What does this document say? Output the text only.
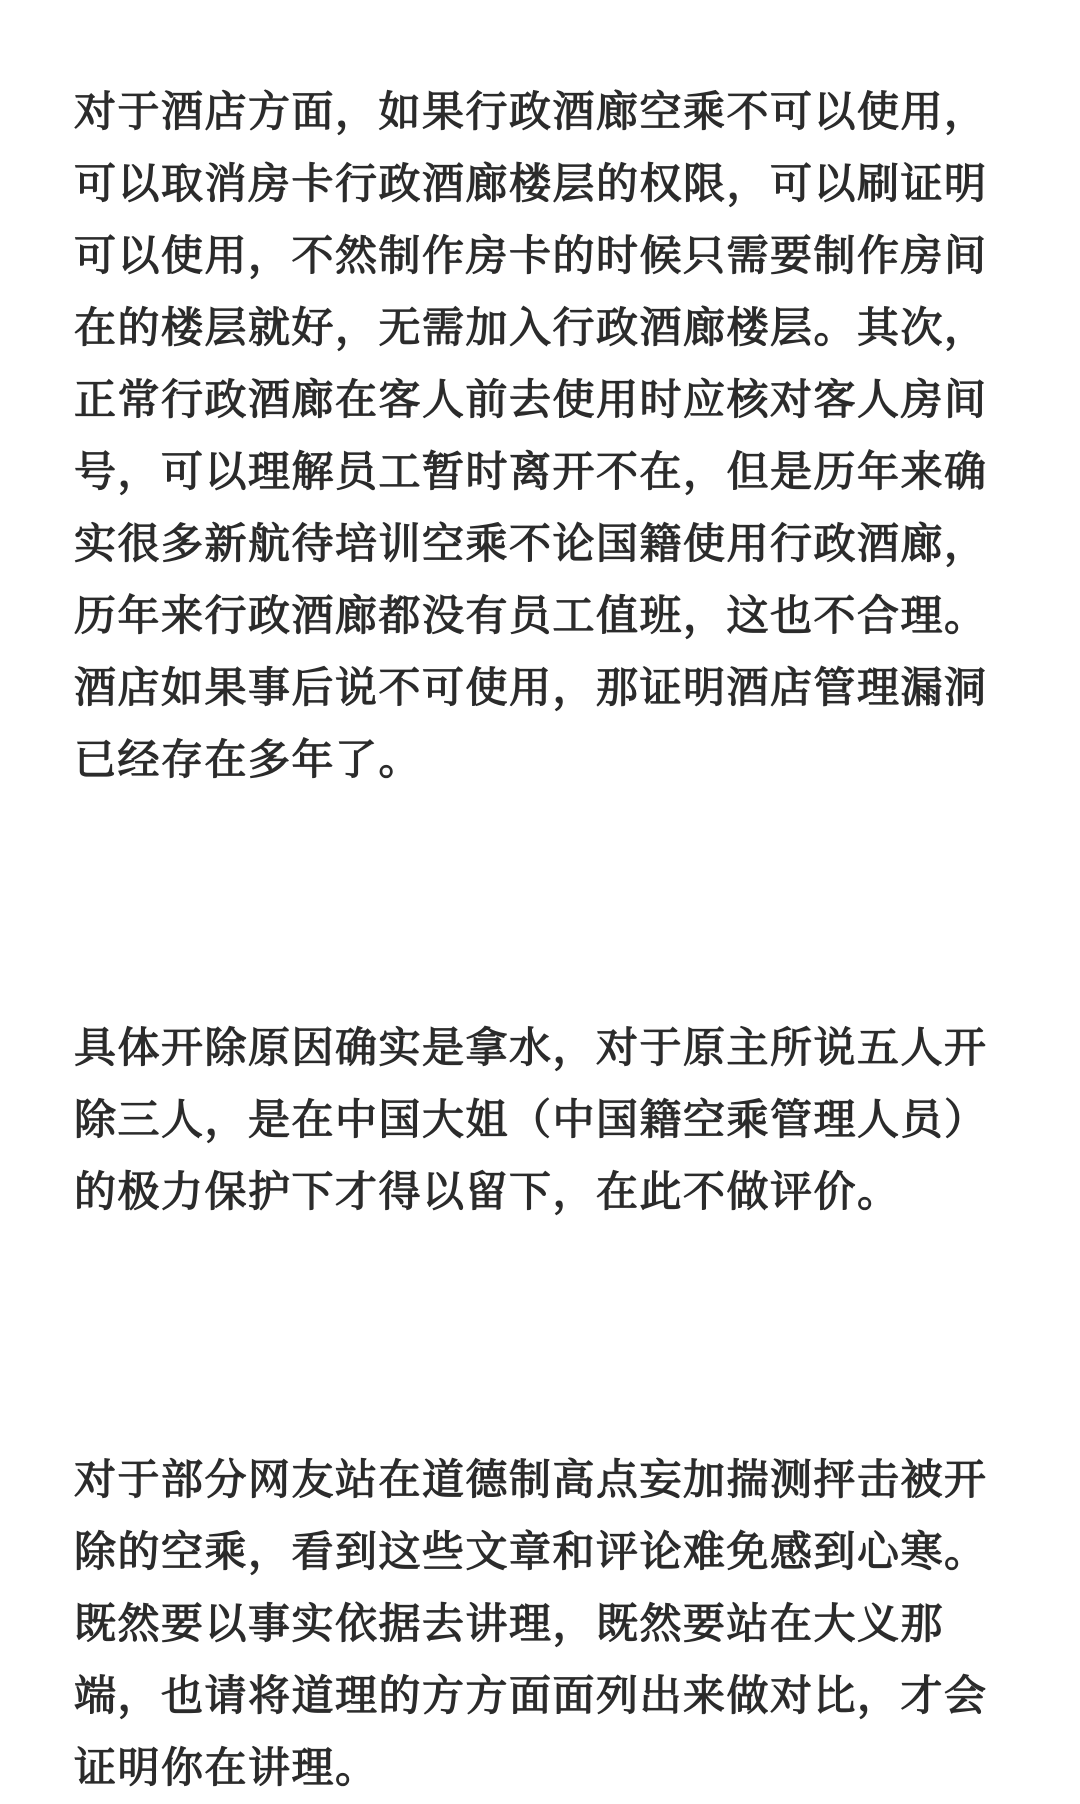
对于酒店方面，如果行政酒廊空乘不可以使用，可以取消房卡行政酒廊楼层的权限，可以刷证明可以使用，不然制作房卡的时候只需要制作房间在的楼层就好，无需加入行政酒廊楼层。其次，正常行政酒廊在客人前去使用时应核对客人房间号，可以理解员工暂时离开不在，但是历年来确实很多新航待培训空乘不论国籍使用行政酒廊，历年来行政酒廊都没有员工值班，这也不合理。酒店如果事后说不可使用，那证明酒店管理漏洞已经存在多年了。

具体开除原因确实是拿水，对于原主所说五人开除三人，是在中国大姐（中国籍空乘管理人员）的极力保护下才得以留下，在此不做评价。

对于部分网友站在道德制高点妄加揣测抨击被开除的空乘，看到这些文章和评论难免感到心寒。既然要以事实依据去讲理，既然要站在大义那端，也请将道理的方方面面列出来做对比，才会证明你在讲理。
